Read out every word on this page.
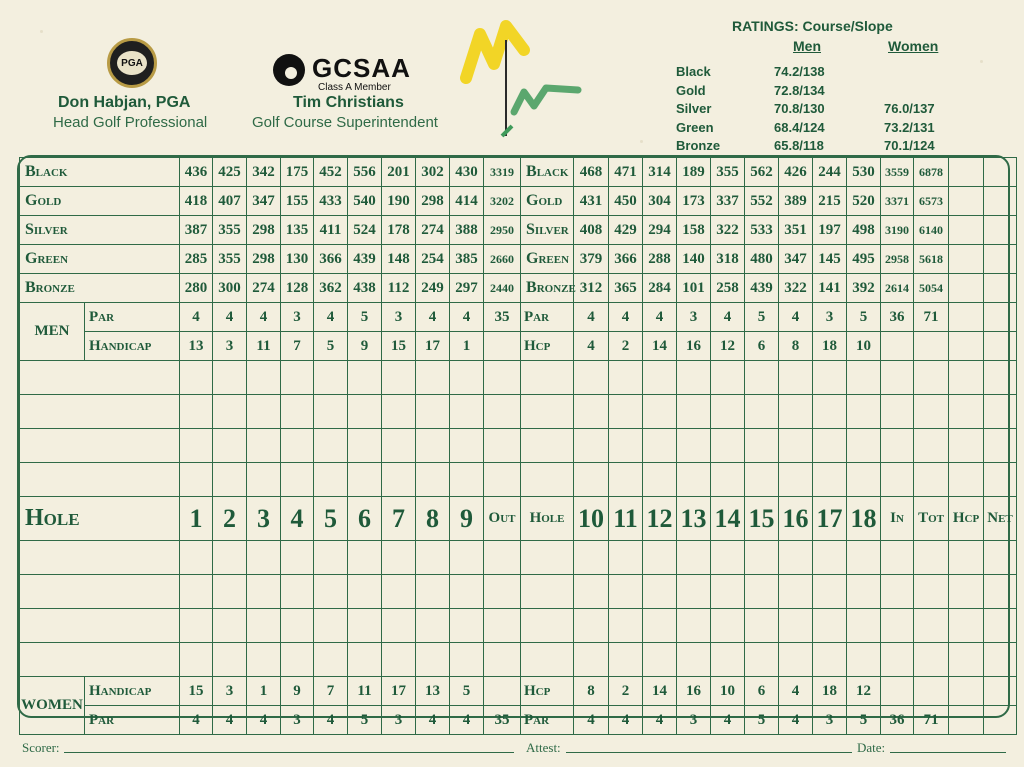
PGA
Don Habjan, PGA
Head Golf Professional
GCSAA
Class A Member
Tim Christians
Golf Course Superintendent
RATINGS: Course/Slope
Men	Women
Black	74.2/138
Gold	72.8/134
Silver	70.8/130	76.0/137
Green	68.4/124	73.2/131
Bronze	65.8/118	70.1/124
Black		436	425	342	175	452	556	201	302	430	3319	Black	468	471	314	189	355	562	426	244	530	3559	6878		
Gold		418	407	347	155	433	540	190	298	414	3202	Gold	431	450	304	173	337	552	389	215	520	3371	6573		
Silver		387	355	298	135	411	524	178	274	388	2950	Silver	408	429	294	158	322	533	351	197	498	3190	6140		
Green		285	355	298	130	366	439	148	254	385	2660	Green	379	366	288	140	318	480	347	145	495	2958	5618		
Bronze		280	300	274	128	362	438	112	249	297	2440	Bronze	312	365	284	101	258	439	322	141	392	2614	5054		
MEN	Par	4	4	4	3	4	5	3	4	4	35	Par	4	4	4	3	4	5	4	3	5	36	71		
	Handicap	13	3	11	7	5	9	15	17	1		Hcp	4	2	14	16	12	6	8	18	10				

Hole		1	2	3	4	5	6	7	8	9	Out	Hole	10	11	12	13	14	15	16	17	18	In	Tot	Hcp	Net

WOMEN	Handicap	15	3	1	9	7	11	17	13	5		Hcp	8	2	14	16	10	6	4	18	12				
	Par	4	4	4	3	4	5	3	4	4	35	Par	4	4	4	3	4	5	4	3	5	36	71		
Scorer:	Attest:	Date:
